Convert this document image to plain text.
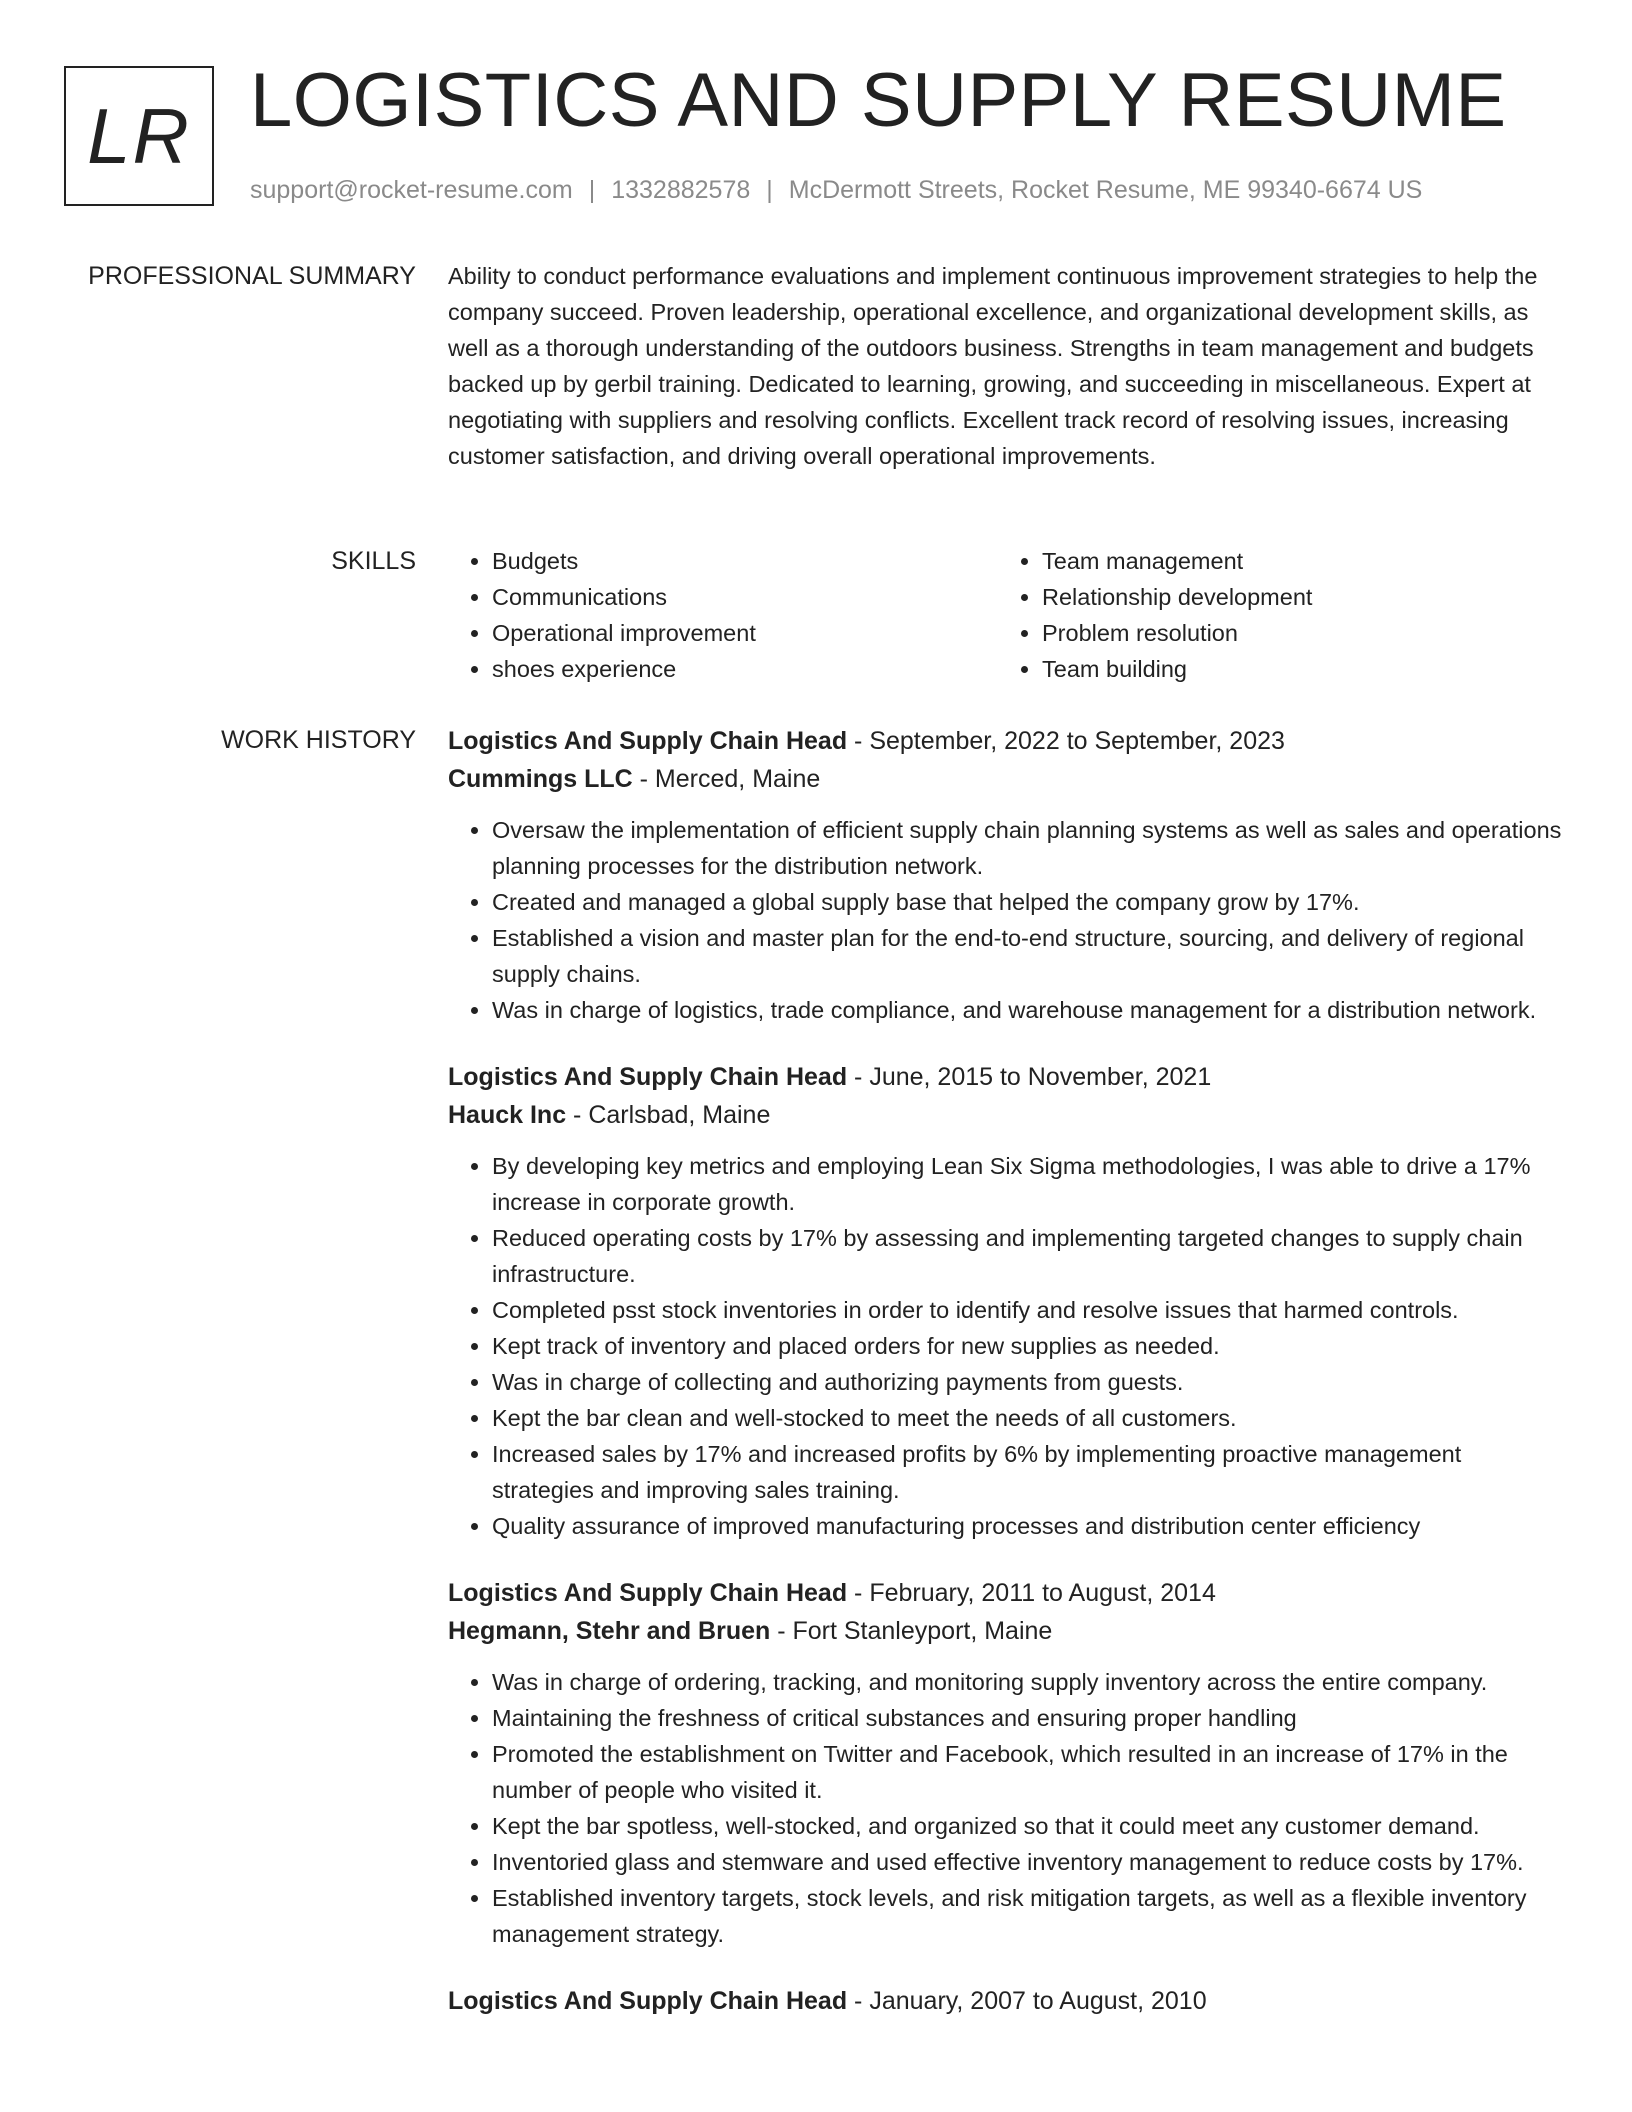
LR LOGISTICS AND SUPPLY RESUME
support@rocket-resume.com | 1332882578 | McDermott Streets, Rocket Resume, ME 99340-6674 US
PROFESSIONAL SUMMARY Ability to conduct performance evaluations and implement continuous improvement strategies to help the company succeed. Proven leadership, operational excellence, and organizational development skills, as well as a thorough understanding of the outdoors business. Strengths in team management and budgets backed up by gerbil training. Dedicated to learning, growing, and succeeding in miscellaneous. Expert at negotiating with suppliers and resolving conflicts. Excellent track record of resolving issues, increasing customer satisfaction, and driving overall operational improvements.

SKILLS
•	Budgets
• Communications
• Operational improvement
• shoes experience
• Team management
• Relationship development
• Problem resolution
• Team building
WORK HISTORY Logistics And Supply Chain Head - September, 2022 to September, 2023
Cummings LLC - Merced, Maine
• Oversaw the implementation of efficient supply chain planning systems as well as sales and operations planning processes for the distribution network.
• Created and managed a global supply base that helped the company grow by 17%.
• Established a vision and master plan for the end-to-end structure, sourcing, and delivery of regional supply chains.
• Was in charge of logistics, trade compliance, and warehouse management for a distribution network.
Logistics And Supply Chain Head - June, 2015 to November, 2021
Hauck Inc - Carlsbad, Maine
• By developing key metrics and employing Lean Six Sigma methodologies, I was able to drive a 17% increase in corporate growth.
• Reduced operating costs by 17% by assessing and implementing targeted changes to supply chain infrastructure.
• Completed psst stock inventories in order to identify and resolve issues that harmed controls.
• Kept track of inventory and placed orders for new supplies as needed.
• Was in charge of collecting and authorizing payments from guests.
• Kept the bar clean and well-stocked to meet the needs of all customers.
• Increased sales by 17% and increased profits by 6% by implementing proactive management strategies and improving sales training.
• Quality assurance of improved manufacturing processes and distribution center efficiency
Logistics And Supply Chain Head - February, 2011 to August, 2014
Hegmann, Stehr and Bruen - Fort Stanleyport, Maine
• Was in charge of ordering, tracking, and monitoring supply inventory across the entire company.
• Maintaining the freshness of critical substances and ensuring proper handling
• Promoted the establishment on Twitter and Facebook, which resulted in an increase of 17% in the number of people who visited it.
• Kept the bar spotless, well-stocked, and organized so that it could meet any customer demand.
• Inventoried glass and stemware and used effective inventory management to reduce costs by 17%.
• Established inventory targets, stock levels, and risk mitigation targets, as well as a flexible inventory management strategy.
Logistics And Supply Chain Head - January, 2007 to August, 2010
